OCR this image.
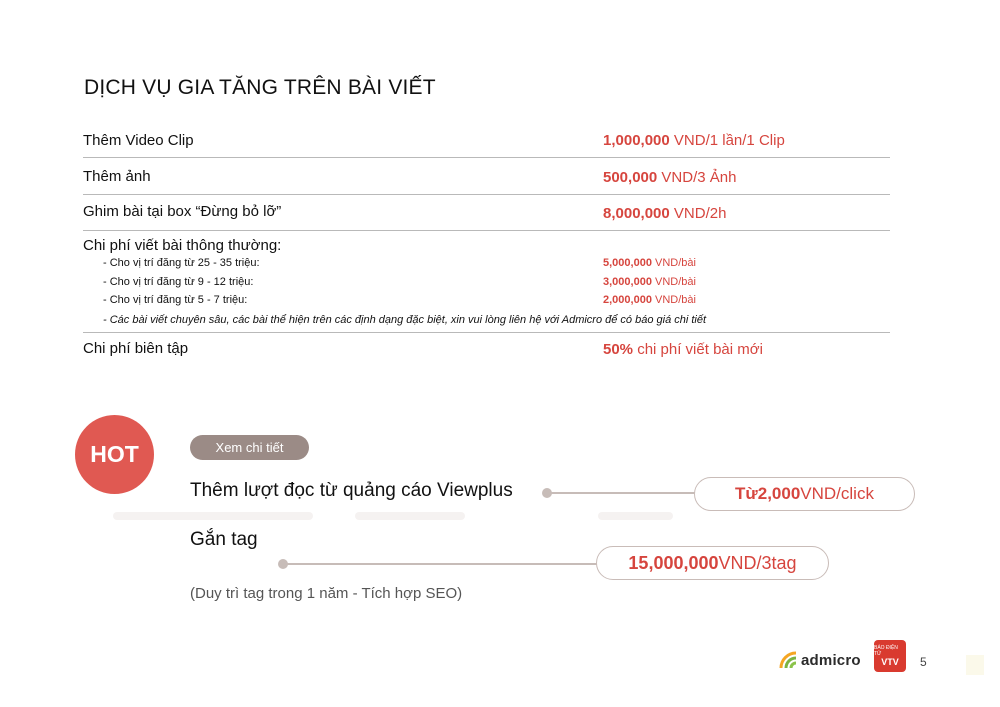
DỊCH VỤ GIA TĂNG TRÊN BÀI VIẾT
Thêm Video Clip	1,000,000 VND/1 lần/1 Clip
Thêm ảnh	500,000 VND/3 Ảnh
Ghim bài tại box “Đừng bỏ lỡ”	8,000,000 VND/2h
Chi phí viết bài thông thường:
- Cho vị trí đăng từ 25 - 35 triệu:	5,000,000 VND/bài
- Cho vị trí đăng từ 9 - 12 triệu:	3,000,000 VND/bài
- Cho vị trí đăng từ 5 - 7 triệu:	2,000,000 VND/bài
- Các bài viết chuyên sâu, các bài thể hiện trên các định dạng đặc biệt, xin vui lòng liên hệ với Admicro để có báo giá chi tiết
Chi phí biên tập	50% chi phí viết bài mới
HOT	Xem chi tiết
Thêm lượt đọc từ quảng cáo Viewplus	Từ 2,000 VND/click
Gắn tag
15,000,000 VND/3tag
(Duy trì tag trong 1 năm - Tích hợp SEO)
admicro
BÁO ĐIỆN TỬ
VTV 5
